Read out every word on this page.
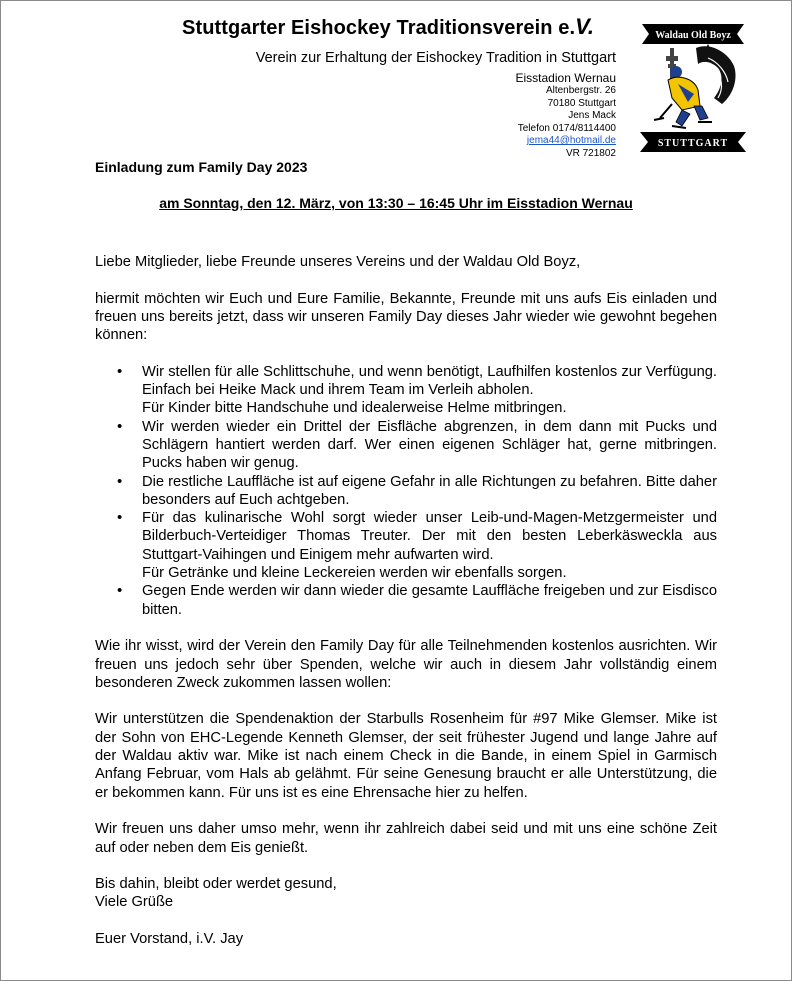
Stuttgarter Eishockey Traditionsverein e.V.
Verein zur Erhaltung der Eishockey Tradition in Stuttgart
Eisstadion Wernau
Altenbergstr. 26
70180 Stuttgart
Jens Mack
Telefon 0174/8114400
jema44@hotmail.de
VR 721802
Waldau Old Boyz
STUTTGART
Einladung zum Family Day 2023
am Sonntag, den 12. März, von 13:30 – 16:45 Uhr im Eisstadion Wernau

Liebe Mitglieder, liebe Freunde unseres Vereins und der Waldau Old Boyz,

hiermit möchten wir Euch und Eure Familie, Bekannte, Freunde mit uns aufs Eis einladen und freuen uns bereits jetzt, dass wir unseren Family Day dieses Jahr wieder wie gewohnt begehen können:

• Wir stellen für alle Schlittschuhe, und wenn benötigt, Laufhilfen kostenlos zur Verfügung. Einfach bei Heike Mack und ihrem Team im Verleih abholen.
Für Kinder bitte Handschuhe und idealerweise Helme mitbringen.
• Wir werden wieder ein Drittel der Eisfläche abgrenzen, in dem dann mit Pucks und Schlägern hantiert werden darf. Wer einen eigenen Schläger hat, gerne mitbringen. Pucks haben wir genug.
• Die restliche Lauffläche ist auf eigene Gefahr in alle Richtungen zu befahren. Bitte daher besonders auf Euch achtgeben.
• Für das kulinarische Wohl sorgt wieder unser Leib-und-Magen-Metzgermeister und Bilderbuch-Verteidiger Thomas Treuter. Der mit den besten Leberkäsweckla aus Stuttgart-Vaihingen und Einigem mehr aufwarten wird.
Für Getränke und kleine Leckereien werden wir ebenfalls sorgen.
• Gegen Ende werden wir dann wieder die gesamte Lauffläche freigeben und zur Eisdisco bitten.

Wie ihr wisst, wird der Verein den Family Day für alle Teilnehmenden kostenlos ausrichten. Wir freuen uns jedoch sehr über Spenden, welche wir auch in diesem Jahr vollständig einem besonderen Zweck zukommen lassen wollen:

Wir unterstützen die Spendenaktion der Starbulls Rosenheim für #97 Mike Glemser. Mike ist der Sohn von EHC-Legende Kenneth Glemser, der seit frühester Jugend und lange Jahre auf der Waldau aktiv war. Mike ist nach einem Check in die Bande, in einem Spiel in Garmisch Anfang Februar, vom Hals ab gelähmt. Für seine Genesung braucht er alle Unterstützung, die er bekommen kann. Für uns ist es eine Ehrensache hier zu helfen.

Wir freuen uns daher umso mehr, wenn ihr zahlreich dabei seid und mit uns eine schöne Zeit auf oder neben dem Eis genießt.

Bis dahin, bleibt oder werdet gesund,
Viele Grüße

Euer Vorstand, i.V. Jay
